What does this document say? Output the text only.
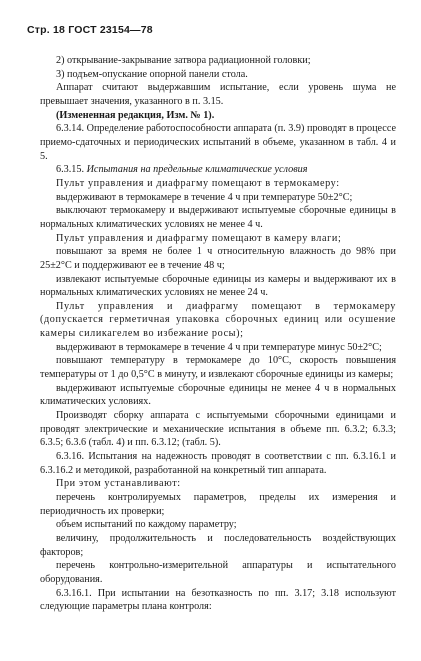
Стр. 18 ГОСТ 23154—78

2) открывание-закрывание затвора радиационной головки;

3) подъем-опускание опорной панели стола.

Аппарат считают выдержавшим испытание, если уровень шума не превышает значения, указанного в п. 3.15.

(Измененная редакция, Изм. № 1).

6.3.14. Определение работоспособности аппарата (п. 3.9) проводят в процессе приемо-сдаточных и периодических испытаний в объеме, указанном в табл. 4 и 5.

6.3.15. Испытания на предельные климатические условия

Пульт управления и диафрагму помещают в термокамеру:

выдерживают в термокамере в течение 4 ч при температуре 50±2°С;

выключают термокамеру и выдерживают испытуемые сборочные единицы в нормальных климатических условиях не менее 4 ч.

Пульт управления и диафрагму помещают в камеру влаги;

повышают за время не более 1 ч относительную влажность до 98% при 25±2°С и поддерживают ее в течение 48 ч;

извлекают испытуемые сборочные единицы из камеры и выдерживают их в нормальных климатических условиях не менее 24 ч.

Пульт управления и диафрагму помещают в термокамеру (допускается герметичная упаковка сборочных единиц или осушение камеры силикагелем во избежание росы);

выдерживают в термокамере в течение 4 ч при температуре минус 50±2°С;

повышают температуру в термокамере до 10°С, скорость повышения температуры от 1 до 0,5°С в минуту, и извлекают сборочные единицы из камеры;

выдерживают испытуемые сборочные единицы не менее 4 ч в нормальных климатических условиях.

Производят сборку аппарата с испытуемыми сборочными единицами и проводят электрические и механические испытания в объеме пп. 6.3.2; 6.3.3; 6.3.5; 6.3.6 (табл. 4) и пп. 6.3.12; (табл. 5).

6.3.16. Испытания на надежность проводят в соответствии с пп. 6.3.16.1 и 6.3.16.2 и методикой, разработанной на конкретный тип аппарата.

При этом устанавливают:

перечень контролируемых параметров, пределы их измерения и периодичность их проверки;

объем испытаний по каждому параметру;

величину, продолжительность и последовательность воздействующих факторов;

перечень контрольно-измерительной аппаратуры и испытательного оборудования.

6.3.16.1. При испытании на безотказность по пп. 3.17; 3.18 используют следующие параметры плана контроля:
